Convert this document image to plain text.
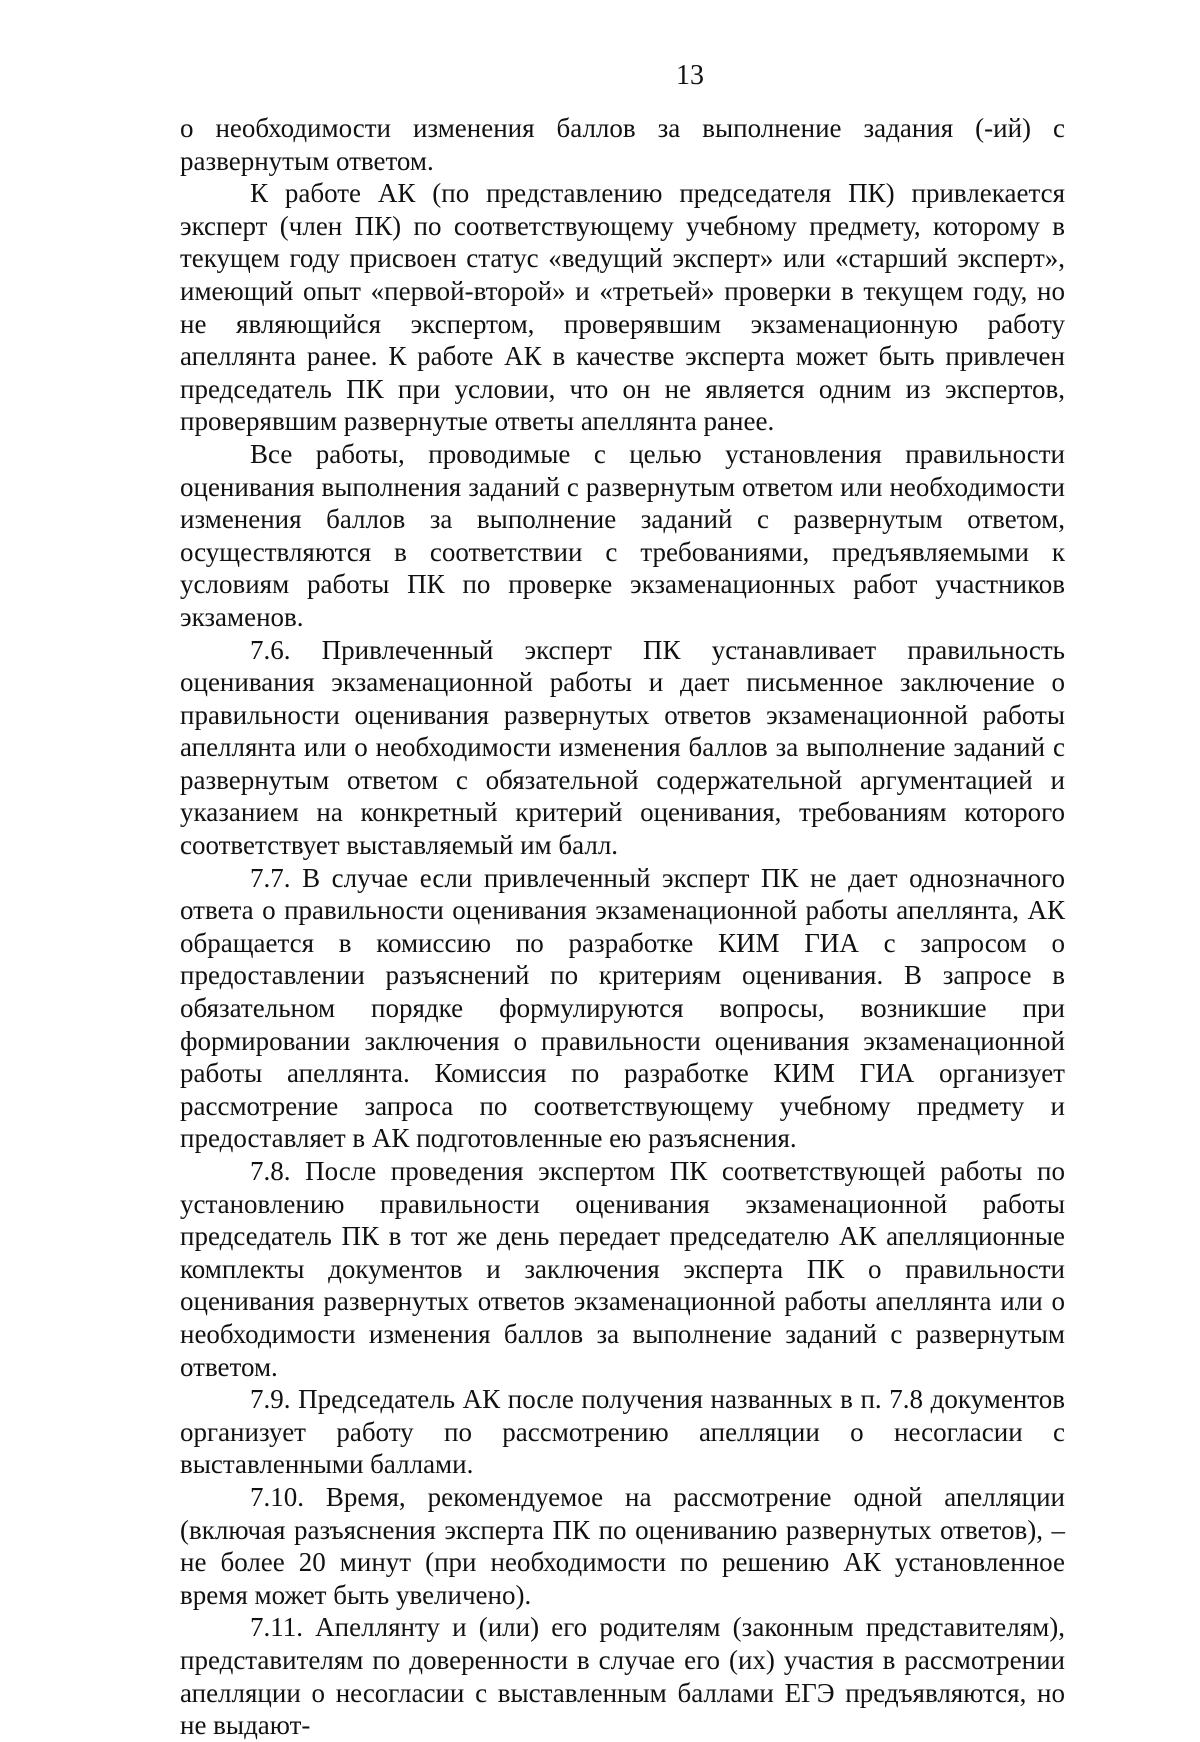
13

о необходимости изменения баллов за выполнение задания (-ий) с развернутым ответом.

К работе АК (по представлению председателя ПК) привлекается эксперт (член ПК) по соответствующему учебному предмету, которому в текущем году присвоен статус «ведущий эксперт» или «старший эксперт», имеющий опыт «первой-второй» и «третьей» проверки в текущем году, но не являющийся экспертом, проверявшим экзаменационную работу апеллянта ранее. К работе АК в качестве эксперта может быть привлечен председатель ПК при условии, что он не является одним из экспертов, проверявшим развернутые ответы апеллянта ранее.

Все работы, проводимые с целью установления правильности оценивания выполнения заданий с развернутым ответом или необходимости изменения баллов за выполнение заданий с развернутым ответом, осуществляются в соответствии с требованиями, предъявляемыми к условиям работы ПК по проверке экзаменационных работ участников экзаменов.

7.6. Привлеченный эксперт ПК устанавливает правильность оценивания экзаменационной работы и дает письменное заключение о правильности оценивания развернутых ответов экзаменационной работы апеллянта или о необходимости изменения баллов за выполнение заданий с развернутым ответом с обязательной содержательной аргументацией и указанием на конкретный критерий оценивания, требованиям которого соответствует выставляемый им балл.

7.7. В случае если привлеченный эксперт ПК не дает однозначного ответа о правильности оценивания экзаменационной работы апеллянта, АК обращается в комиссию по разработке КИМ ГИА с запросом о предоставлении разъяснений по критериям оценивания. В запросе в обязательном порядке формулируются вопросы, возникшие при формировании заключения о правильности оценивания экзаменационной работы апеллянта. Комиссия по разработке КИМ ГИА организует рассмотрение запроса по соответствующему учебному предмету и предоставляет в АК подготовленные ею разъяснения.

7.8. После проведения экспертом ПК соответствующей работы по установлению правильности оценивания экзаменационной работы председатель ПК в тот же день передает председателю АК апелляционные комплекты документов и заключения эксперта ПК о правильности оценивания развернутых ответов экзаменационной работы апеллянта или о необходимости изменения баллов за выполнение заданий с развернутым ответом.

7.9. Председатель АК после получения названных в п. 7.8 документов организует работу по рассмотрению апелляции о несогласии с выставленными баллами.

7.10. Время, рекомендуемое на рассмотрение одной апелляции (включая разъяснения эксперта ПК по оцениванию развернутых ответов), – не более 20 минут (при необходимости по решению АК установленное время может быть увеличено).

7.11. Апеллянту и (или) его родителям (законным представителям), представителям по доверенности в случае его (их) участия в рассмотрении апелляции о несогласии с выставленным баллами ЕГЭ предъявляются, но не выдают-
